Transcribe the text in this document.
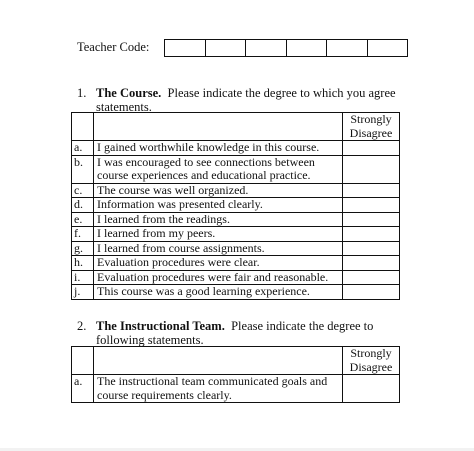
Teacher Code:
1. The Course. Please indicate the degree to which you agree
statements.
		Strongly Disagree
a.	I gained worthwhile knowledge in this course.	
b.	I was encouraged to see connections between course experiences and educational practice.	
c.	The course was well organized.	
d.	Information was presented clearly.	
e.	I learned from the readings.	
f.	I learned from my peers.	
g.	I learned from course assignments.	
h.	Evaluation procedures were clear.	
i.	Evaluation procedures were fair and reasonable.	
j.	This course was a good learning experience.	
2. The Instructional Team. Please indicate the degree to
following statements.
		Strongly Disagree
a.	The instructional team communicated goals and course requirements clearly.	
